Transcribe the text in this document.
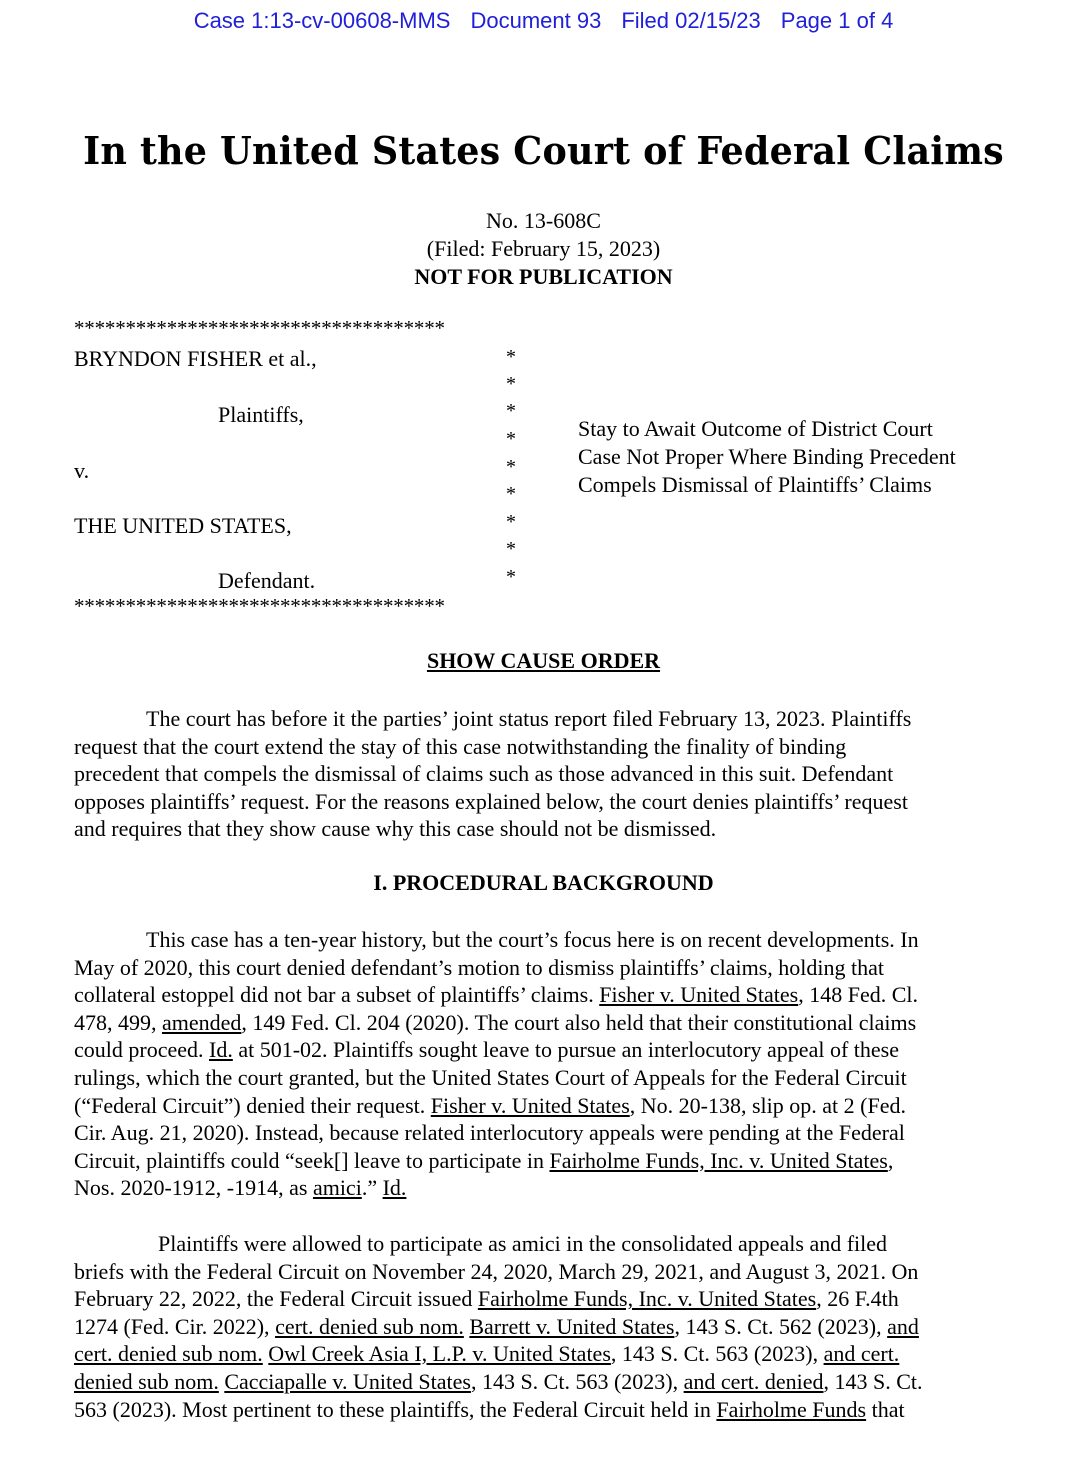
Case 1:13-cv-00608-MMS Document 93 Filed 02/15/23 Page 1 of 4
In the United States Court of Federal Claims
No. 13-608C
(Filed: February 15, 2023)
NOT FOR PUBLICATION
************************************
BRYNDON FISHER et al.,
Plaintiffs,
v.
THE UNITED STATES,
Defendant.
************************************
*
*
*
*
*
*
*
*
*
Stay to Await Outcome of District Court
Case Not Proper Where Binding Precedent
Compels Dismissal of Plaintiffs’ Claims
SHOW CAUSE ORDER
The court has before it the parties’ joint status report filed February 13, 2023. Plaintiffs
request that the court extend the stay of this case notwithstanding the finality of binding
precedent that compels the dismissal of claims such as those advanced in this suit. Defendant
opposes plaintiffs’ request. For the reasons explained below, the court denies plaintiffs’ request
and requires that they show cause why this case should not be dismissed.
I. PROCEDURAL BACKGROUND
This case has a ten-year history, but the court’s focus here is on recent developments. In
May of 2020, this court denied defendant’s motion to dismiss plaintiffs’ claims, holding that
collateral estoppel did not bar a subset of plaintiffs’ claims. Fisher v. United States, 148 Fed. Cl.
478, 499, amended, 149 Fed. Cl. 204 (2020). The court also held that their constitutional claims
could proceed. Id. at 501-02. Plaintiffs sought leave to pursue an interlocutory appeal of these
rulings, which the court granted, but the United States Court of Appeals for the Federal Circuit
(“Federal Circuit”) denied their request. Fisher v. United States, No. 20-138, slip op. at 2 (Fed.
Cir. Aug. 21, 2020). Instead, because related interlocutory appeals were pending at the Federal
Circuit, plaintiffs could “seek[] leave to participate in Fairholme Funds, Inc. v. United States,
Nos. 2020-1912, -1914, as amici.” Id.
Plaintiffs were allowed to participate as amici in the consolidated appeals and filed
briefs with the Federal Circuit on November 24, 2020, March 29, 2021, and August 3, 2021. On
February 22, 2022, the Federal Circuit issued Fairholme Funds, Inc. v. United States, 26 F.4th
1274 (Fed. Cir. 2022), cert. denied sub nom. Barrett v. United States, 143 S. Ct. 562 (2023), and
cert. denied sub nom. Owl Creek Asia I, L.P. v. United States, 143 S. Ct. 563 (2023), and cert.
denied sub nom. Cacciapalle v. United States, 143 S. Ct. 563 (2023), and cert. denied, 143 S. Ct.
563 (2023). Most pertinent to these plaintiffs, the Federal Circuit held in Fairholme Funds that
